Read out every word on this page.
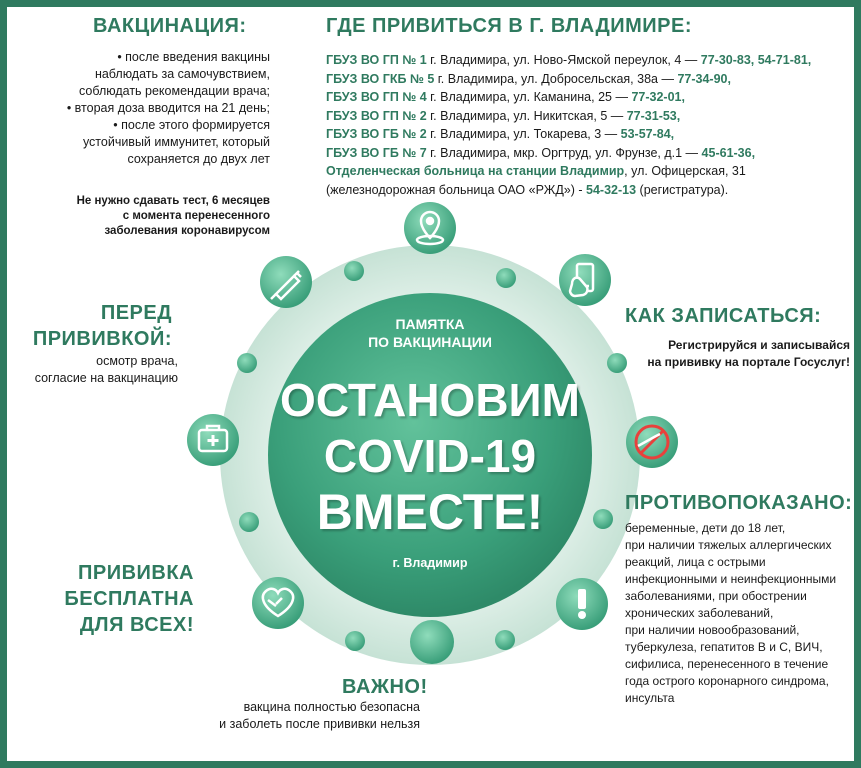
ПАМЯТКА
ПО ВАКЦИНАЦИИ
ОСТАНОВИМ
COVID-19
ВМЕСТЕ!
г. Владимир
ВАКЦИНАЦИЯ:
• после введения вакцины
наблюдать за самочувствием,
соблюдать рекомендации врача;
• вторая доза вводится на 21 день;
• после этого формируется
устойчивый иммунитет, который
сохраняется до двух лет
Не нужно сдавать тест, 6 месяцев
с момента перенесенного
заболевания коронавирусом
ГДЕ ПРИВИТЬСЯ В Г. ВЛАДИМИРЕ:
ГБУЗ ВО ГП № 1 г. Владимира, ул. Ново-Ямской переулок, 4 — 77-30-83, 54-71-81,
ГБУЗ ВО ГКБ № 5 г. Владимира, ул. Добросельская, 38а — 77-34-90,
ГБУЗ ВО ГП № 4 г. Владимира, ул. Каманина, 25 — 77-32-01,
ГБУЗ ВО ГП № 2 г. Владимира, ул. Никитская, 5 — 77-31-53,
ГБУЗ ВО ГБ № 2 г. Владимира, ул. Токарева, 3 — 53-57-84,
ГБУЗ ВО ГБ № 7 г. Владимира, мкр. Оргтруд, ул. Фрунзе, д.1 — 45-61-36,
Отделенческая больница на станции Владимир, ул. Офицерская, 31
(железнодорожная больница ОАО «РЖД») - 54-32-13 (регистратура).
ПЕРЕД
ПРИВИВКОЙ:
осмотр врача,
согласие на вакцинацию
КАК ЗАПИСАТЬСЯ:
Регистрируйся и записывайся
на прививку на портале Госуслуг!
ПРОТИВОПОКАЗАНО:
беременные, дети до 18 лет,
при наличии тяжелых аллергических
реакций, лица с острыми
инфекционными и неинфекционными
заболеваниями, при обострении
хронических заболеваний,
при наличии новообразований,
туберкулеза, гепатитов В и С, ВИЧ,
сифилиса, перенесенного в течение
года острого коронарного синдрома,
инсульта
ПРИВИВКА
БЕСПЛАТНА
ДЛЯ ВСЕХ!
ВАЖНО!
вакцина полностью безопасна
и заболеть после прививки нельзя
